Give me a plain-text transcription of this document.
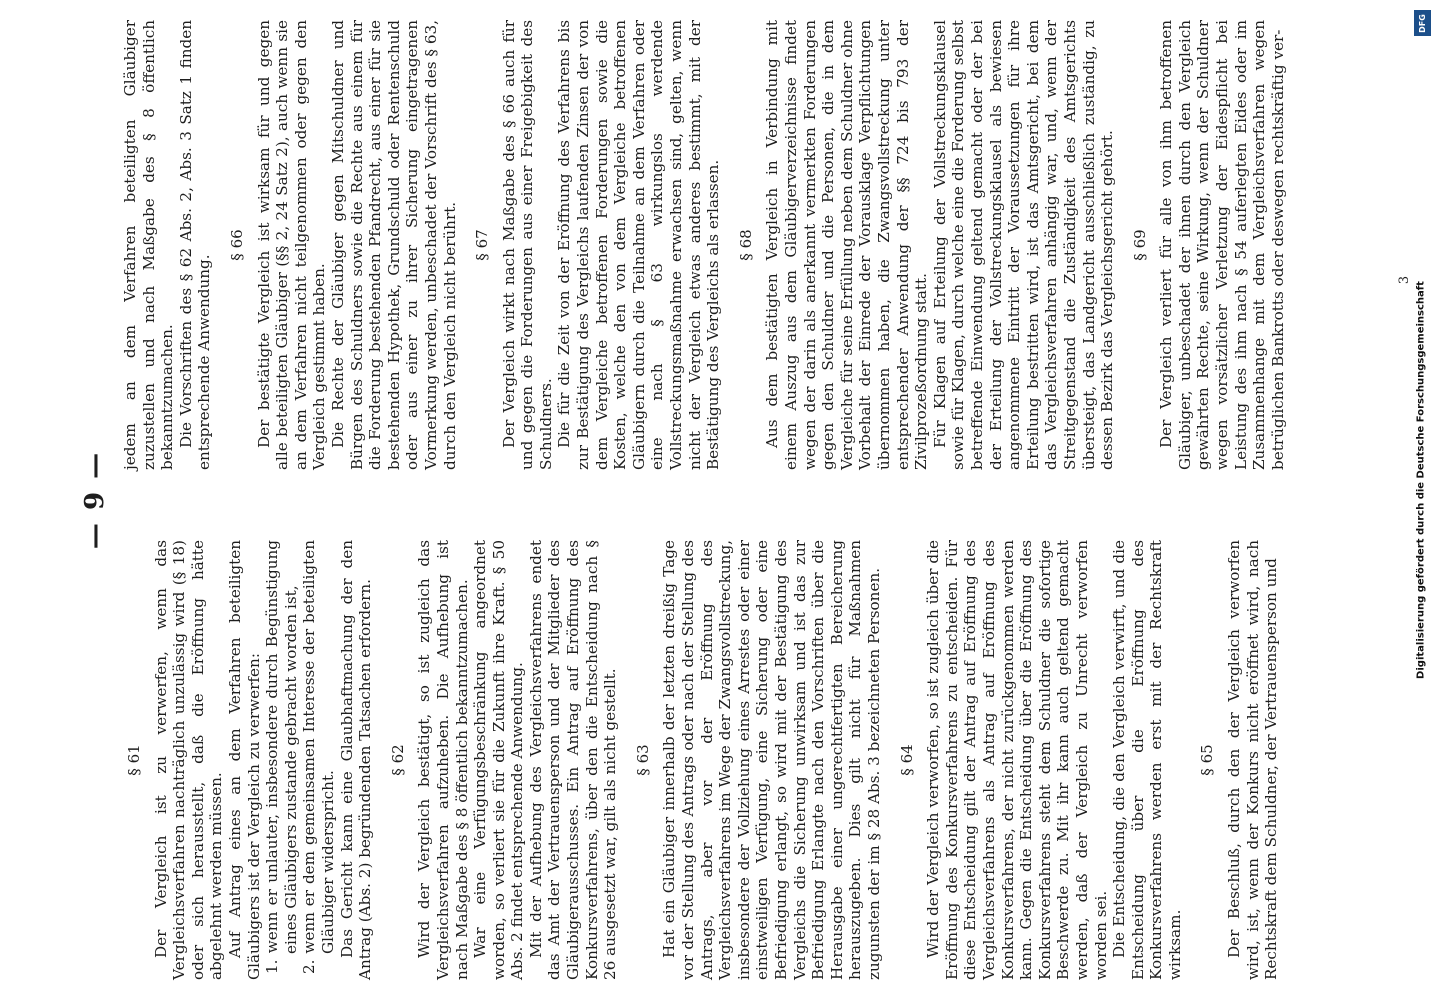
— 9 —

§ 61 Der Vergleich ist zu verwerfen, wenn das Vergleichsverfahren nachträglich unzulässig wird (§ 18) oder sich herausstellt, daß die Eröffnung hätte abgelehnt werden müssen. Auf Antrag eines an dem Verfahren beteiligten Gläubigers ist der Vergleich zu verwerfen: 1. wenn er unlauter, insbesondere durch Begünstigung eines Gläubigers zustande gebracht worden ist, 2. wenn er dem gemeinsamen Interesse der beteiligten Gläubiger widerspricht. Das Gericht kann eine Glaubhaftmachung der den Antrag (Abs. 2) begründenden Tatsachen erfordern. § 62 Wird der Vergleich bestätigt, so ist zugleich das Vergleichsverfahren aufzuheben. Die Aufhebung ist nach Maßgabe des § 8 öffentlich bekanntzumachen. War eine Verfügungsbeschränkung angeordnet worden, so verliert sie für die Zukunft ihre Kraft. § 50 Abs. 2 findet entsprechende Anwendung. Mit der Aufhebung des Vergleichsverfahrens endet das Amt der Vertrauensperson und der Mitglieder des Gläubigerausschusses. Ein Antrag auf Eröffnung des Konkursverfahrens, über den die Entscheidung nach § 26 ausgesetzt war, gilt als nicht gestellt. § 63 Hat ein Gläubiger innerhalb der letzten dreißig Tage vor der Stellung des Antrags oder nach der Stellung des Antrags, aber vor der Eröffnung des Vergleichsverfahrens im Wege der Zwangsvollstreckung, insbesondere der Vollziehung eines Arrestes oder einer einstweiligen Verfügung, eine Sicherung oder eine Befriedigung erlangt, so wird mit der Bestätigung des Vergleichs die Sicherung unwirksam und ist das zur Befriedigung Erlangte nach den Vorschriften über die Herausgabe einer ungerechtfertigten Bereicherung herauszugeben. Dies gilt nicht für Maßnahmen zugunsten der im § 28 Abs. 3 bezeichneten Personen. § 64 Wird der Vergleich verworfen, so ist zugleich über die Eröffnung des Konkursverfahrens zu entscheiden. Für diese Entscheidung gilt der Antrag auf Eröffnung des Vergleichsverfahrens als Antrag auf Eröffnung des Konkursverfahrens, der nicht zurückgenommen werden kann. Gegen die Entscheidung über die Eröffnung des Konkursverfahrens steht dem Schuldner die sofortige Beschwerde zu. Mit ihr kann auch geltend gemacht werden, daß der Vergleich zu Unrecht verworfen worden sei. Die Entscheidung, die den Vergleich verwirft, und die Entscheidung über die Eröffnung des Konkursverfahrens werden erst mit der Rechtskraft wirksam.

§ 65 Der Beschluß, durch den der Vergleich verworfen wird, ist, wenn der Konkurs nicht eröffnet wird, nach Rechtskraft dem Schuldner, der Vertrauensperson und

jedem an dem Verfahren beteiligten Gläubiger zuzustellen und nach Maßgabe des § 8 öffentlich bekanntzumachen. Die Vorschriften des § 62 Abs. 2, Abs. 3 Satz 1 finden entsprechende Anwendung.

§ 66 Der bestätigte Vergleich ist wirksam für und gegen alle beteiligten Gläubiger (§§ 2, 24 Satz 2), auch wenn sie an dem Verfahren nicht teilgenommen oder gegen den Vergleich gestimmt haben. Die Rechte der Gläubiger gegen Mitschuldner und Bürgen des Schuldners sowie die Rechte aus einem für die Forderung bestehenden Pfandrecht, aus einer für sie bestehenden Hypothek, Grundschuld oder Rentenschuld oder aus einer zu ihrer Sicherung eingetragenen Vormerkung werden, unbeschadet der Vorschrift des § 63, durch den Vergleich nicht berührt. § 67 Der Vergleich wirkt nach Maßgabe des § 66 auch für und gegen die Forderungen aus einer Freigebigkeit des Schuldners. Die für die Zeit von der Eröffnung des Verfahrens bis zur Bestätigung des Vergleichs laufenden Zinsen der von dem Vergleiche betroffenen Forderungen sowie die Kosten, welche den von dem Vergleiche betroffenen Gläubigern durch die Teilnahme an dem Verfahren oder eine nach § 63 wirkungslos werdende Vollstreckungsmaßnahme erwachsen sind, gelten, wenn nicht der Vergleich etwas anderes bestimmt, mit der Bestätigung des Vergleichs als erlassen. § 68 Aus dem bestätigten Vergleich in Verbindung mit einem Auszug aus dem Gläubigerverzeichnisse findet wegen der darin als anerkannt vermerkten Forderungen gegen den Schuldner und die Personen, die in dem Vergleiche für seine Erfüllung neben dem Schuldner ohne Vorbehalt der Einrede der Vorausklage Verpflichtungen übernommen haben, die Zwangsvollstreckung unter entsprechender Anwendung der §§ 724 bis 793 der Zivilprozeßordnung statt. Für Klagen auf Erteilung der Vollstreckungsklausel sowie für Klagen, durch welche eine die Forderung selbst betreffende Einwendung geltend gemacht oder der bei der Erteilung der Vollstreckungsklausel als bewiesen angenommene Eintritt der Voraussetzungen für ihre Erteilung bestritten wird, ist das Amtsgericht, bei dem das Vergleichsverfahren anhängig war, und, wenn der Streitgegenstand die Zuständigkeit des Amtsgerichts übersteigt, das Landgericht ausschließlich zuständig, zu dessen Bezirk das Vergleichsgericht gehört. § 69 Der Vergleich verliert für alle von ihm betroffenen Gläubiger, unbeschadet der ihnen durch den Vergleich gewährten Rechte, seine Wirkung, wenn der Schuldner wegen vorsätzlicher Verletzung der Eidespflicht bei Leistung des ihm nach § 54 auferlegten Eides oder im Zusammenhange mit dem Vergleichsverfahren wegen betrüglichen Bankrotts oder deswegen rechtskräftig ver-	3
DFG
Digitalisierung gefördert durch die Deutsche Forschungsgemeinschaft
